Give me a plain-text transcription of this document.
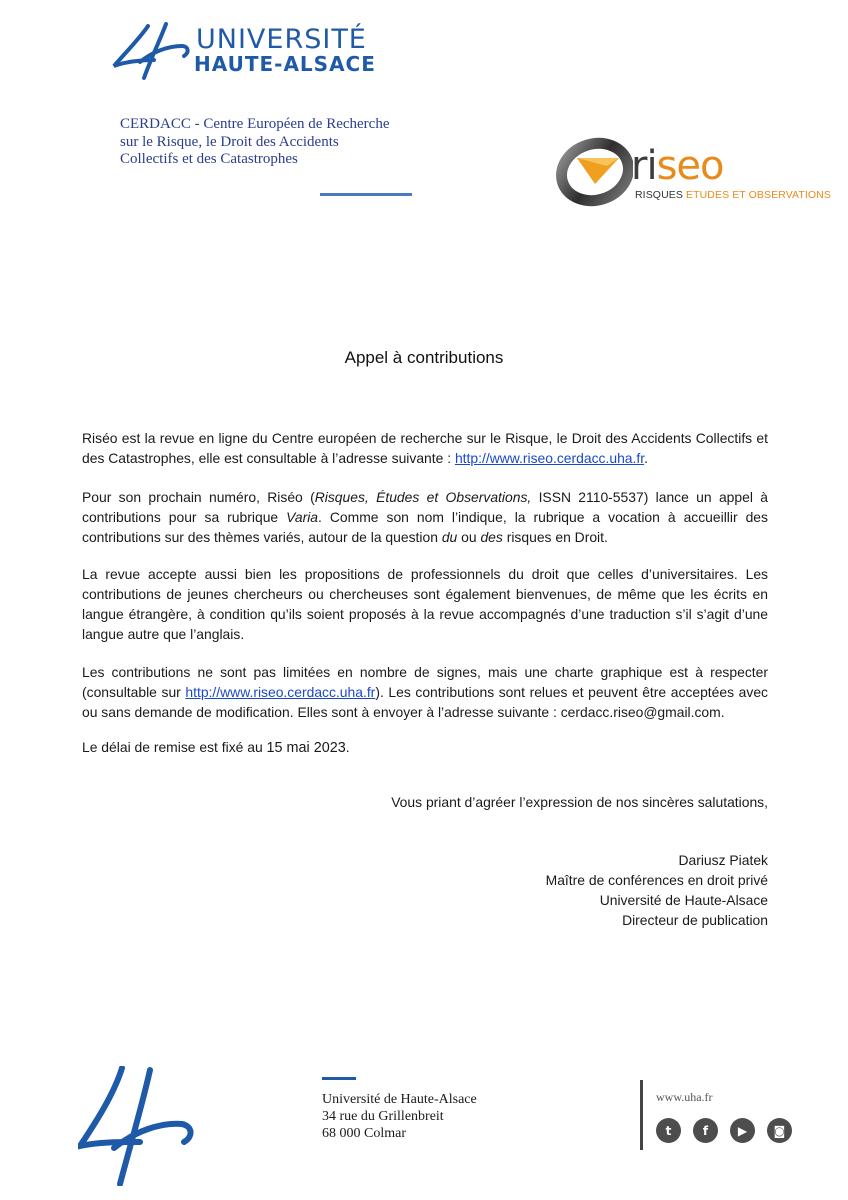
UNIVERSITÉ
HAUTE-ALSACE
CERDACC - Centre Européen de Recherche
sur le Risque, le Droit des Accidents
Collectifs et des Catastrophes	riseo
RISQUES ETUDES ET OBSERVATIONS
Appel à contributions
Riséo est la revue en ligne du Centre européen de recherche sur le Risque, le Droit des Accidents Collectifs et des Catastrophes, elle est consultable à l’adresse suivante : http://www.riseo.cerdacc.uha.fr.
Pour son prochain numéro, Riséo (Risques, Études et Observations, ISSN 2110-5537) lance un appel à contributions pour sa rubrique Varia. Comme son nom l’indique, la rubrique a vocation à accueillir des contributions sur des thèmes variés, autour de la question du ou des risques en Droit.
La revue accepte aussi bien les propositions de professionnels du droit que celles d’universitaires. Les contributions de jeunes chercheurs ou chercheuses sont également bienvenues, de même que les écrits en langue étrangère, à condition qu’ils soient proposés à la revue accompagnés d’une traduction s’il s’agit d’une langue autre que l’anglais.
Les contributions ne sont pas limitées en nombre de signes, mais une charte graphique est à respecter (consultable sur http://www.riseo.cerdacc.uha.fr). Les contributions sont relues et peuvent être acceptées avec ou sans demande de modification. Elles sont à envoyer à l’adresse suivante : cerdacc.riseo@gmail.com.
Le délai de remise est fixé au 15 mai 2023.
Vous priant d’agréer l’expression de nos sincères salutations,
Dariusz Piatek
Maître de conférences en droit privé
Université de Haute-Alsace
Directeur de publication
Université de Haute-Alsace
34 rue du Grillenbreit
68 000 Colmar
www.uha.fr
t	f	▶	◙
